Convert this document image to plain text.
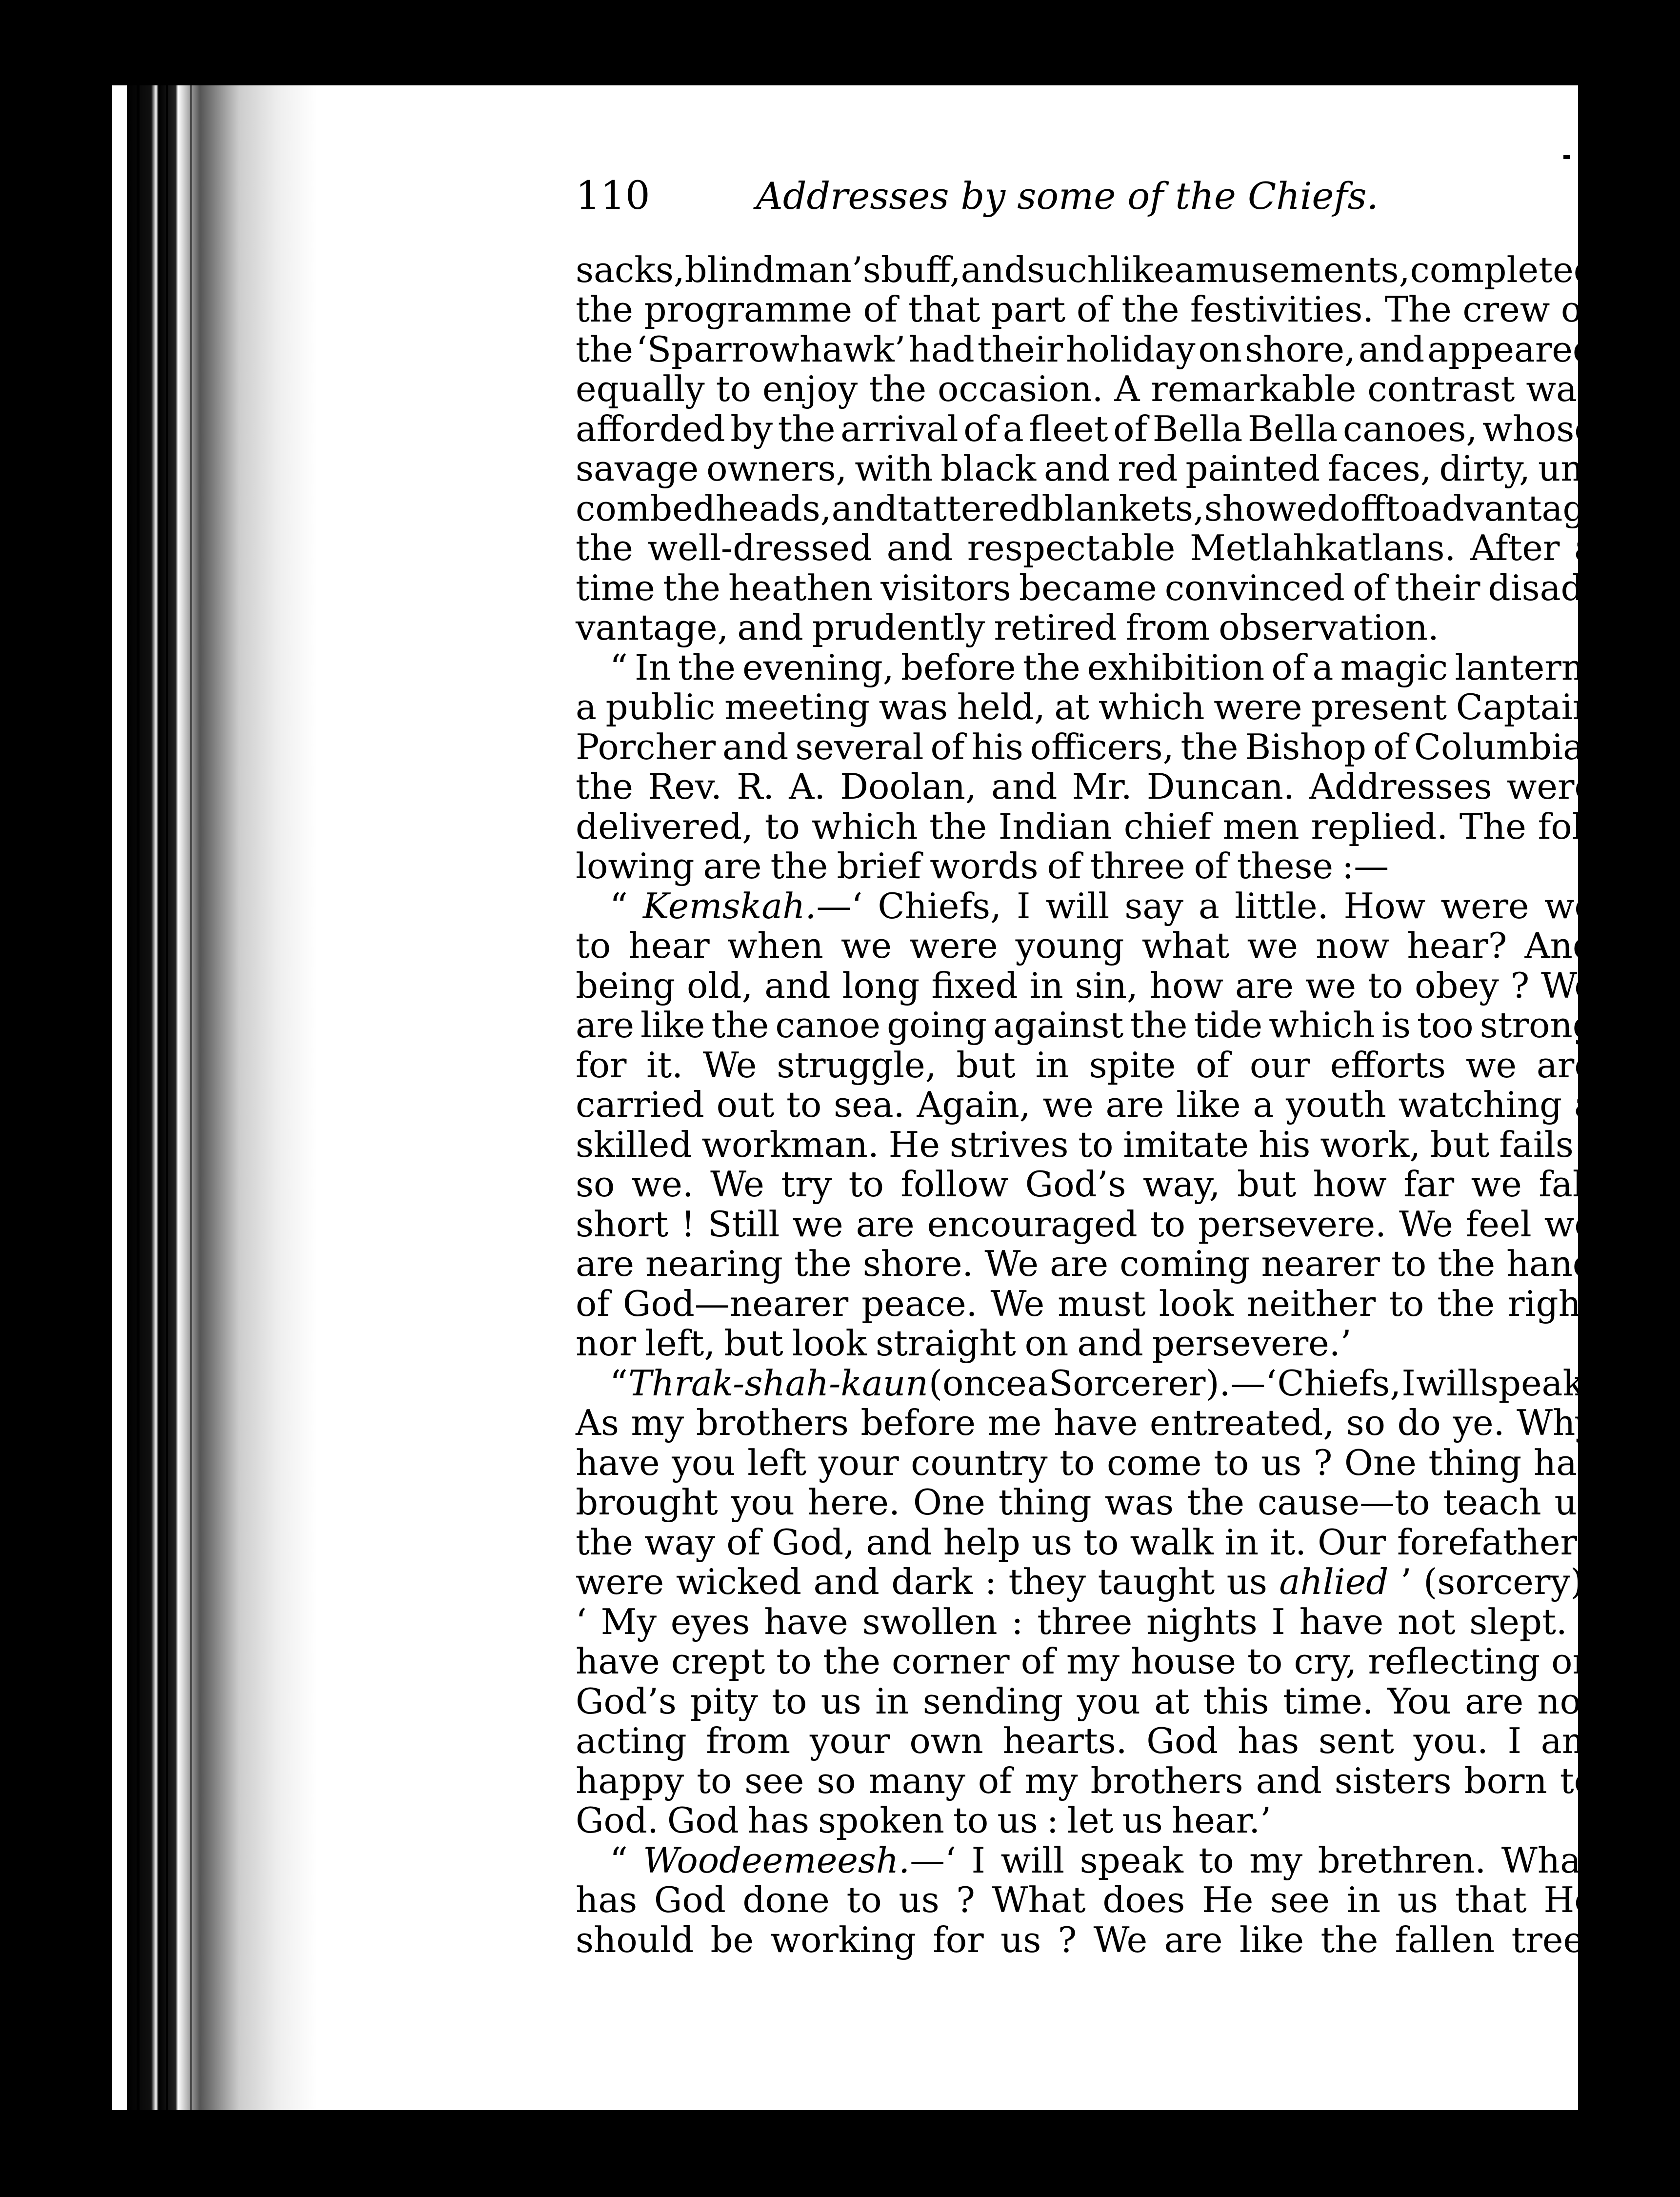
110	Addresses by some of the Chiefs.
sacks, blindman’s buff, and such like amusements, completed
the programme of that part of the festivities. The crew of
the ‘Sparrowhawk’ had their holiday on shore, and appeared
equally to enjoy the occasion. A remarkable contrast was
afforded by the arrival of a fleet of Bella Bella canoes, whose
savage owners, with black and red painted faces, dirty, un-
combed heads, and tattered blankets, showed off to advantage
the well-dressed and respectable Metlahkatlans. After a
time the heathen visitors became convinced of their disad-
vantage, and prudently retired from observation.
“ In the evening, before the exhibition of a magic lantern,
a public meeting was held, at which were present Captain
Porcher and several of his officers, the Bishop of Columbia,
the Rev. R. A. Doolan, and Mr. Duncan. Addresses were
delivered, to which the Indian chief men replied. The fol-
lowing are the brief words of three of these :—
“ Kemskah.—‘ Chiefs, I will say a little. How were we
to hear when we were young what we now hear? And
being old, and long fixed in sin, how are we to obey ? We
are like the canoe going against the tide which is too strong
for it. We struggle, but in spite of our efforts we are
carried out to sea. Again, we are like a youth watching a
skilled workman. He strives to imitate his work, but fails :
so we. We try to follow God’s way, but how far we fall
short ! Still we are encouraged to persevere. We feel we
are nearing the shore. We are coming nearer to the hand
of God—nearer peace. We must look neither to the right
nor left, but look straight on and persevere.’
“ Thrak-shah-kaun (once a Sorcerer).—‘ Chiefs, I will speak.
As my brothers before me have entreated, so do ye. Why
have you left your country to come to us ? One thing has
brought you here. One thing was the cause—to teach us
the way of God, and help us to walk in it. Our forefathers
were wicked and dark : they taught us ahlied ’ (sorcery).
‘ My eyes have swollen : three nights I have not slept. I
have crept to the corner of my house to cry, reflecting on
God’s pity to us in sending you at this time. You are not
acting from your own hearts. God has sent you. I am
happy to see so many of my brothers and sisters born to
God. God has spoken to us : let us hear.’
“ Woodeemeesh.—‘ I will speak to my brethren. What
has God done to us ? What does He see in us that He
should be working for us ? We are like the fallen tree,
